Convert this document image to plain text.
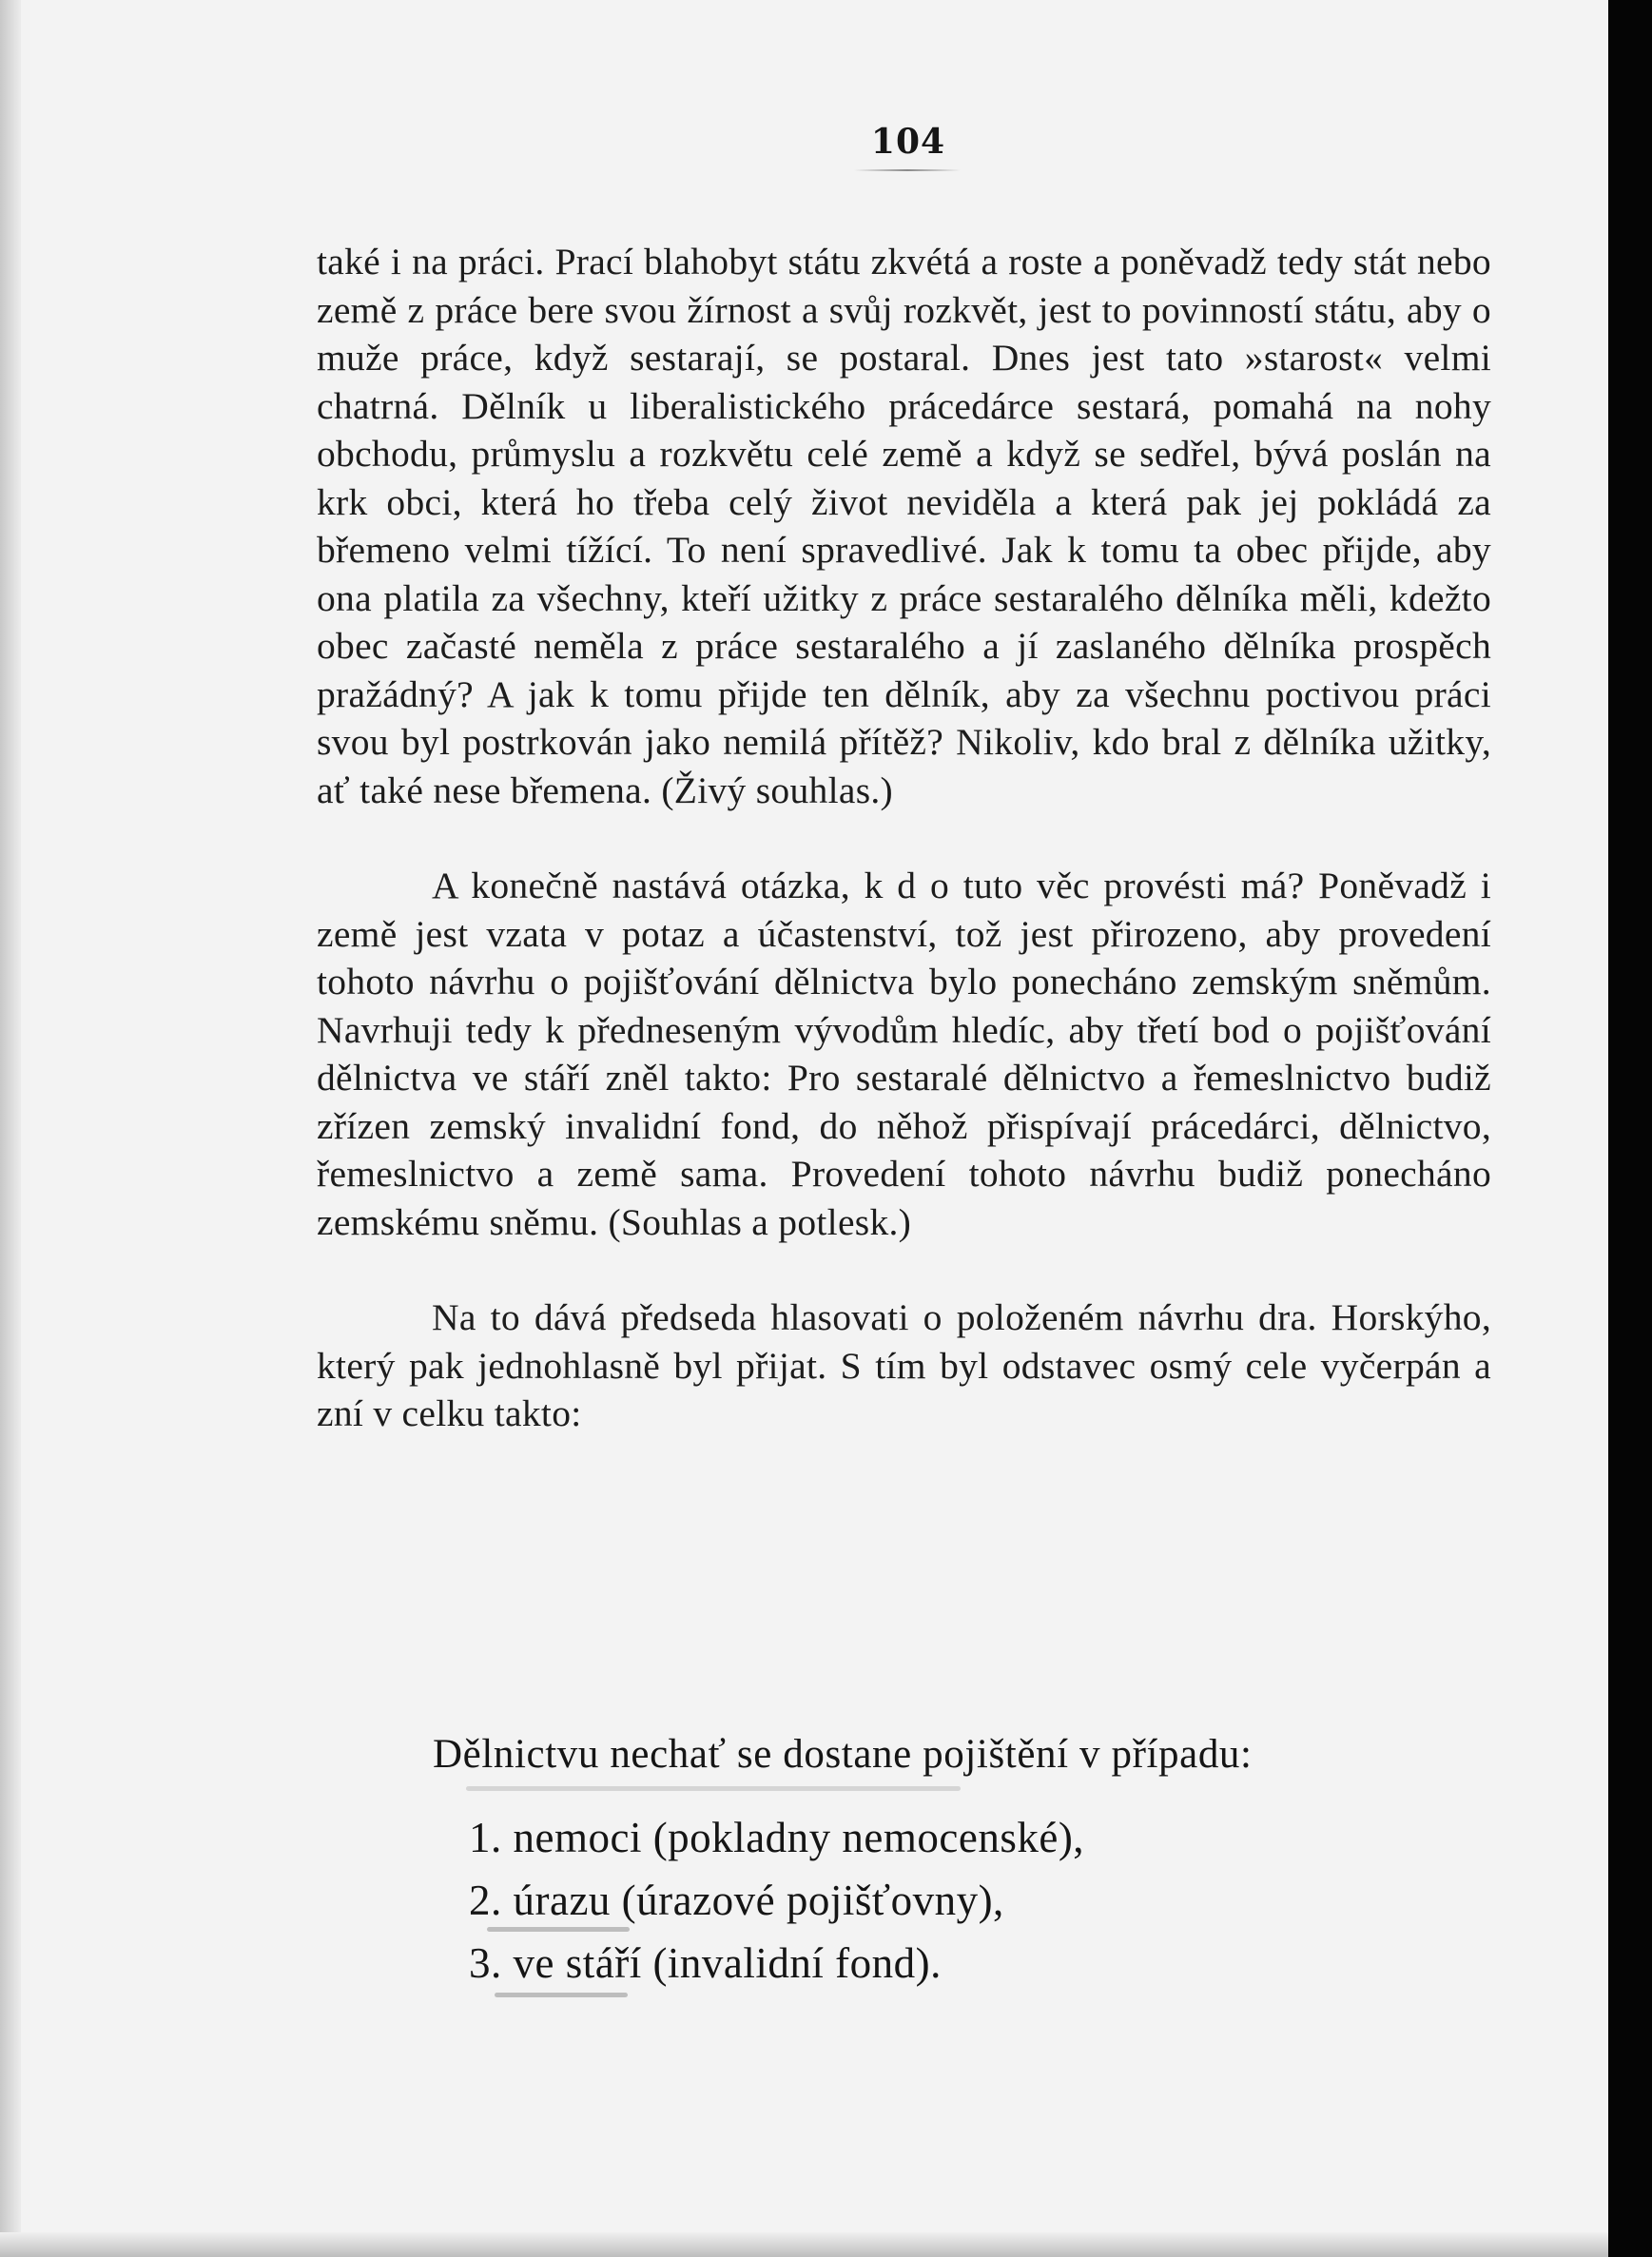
104

také i na práci. Prací blahobyt státu zkvétá a roste a poněvadž tedy stát nebo země z práce bere svou žírnost a svůj rozkvět, jest to povinností státu, aby o muže práce, když sestarají, se postaral. Dnes jest tato »starost« velmi chatrná. Dělník u liberalistického prácedárce sestará, pomahá na nohy obchodu, průmyslu a rozkvětu celé země a když se sedřel, bývá poslán na krk obci, která ho třeba celý život neviděla a která pak jej pokládá za břemeno velmi tížící. To není spravedlivé. Jak k tomu ta obec přijde, aby ona platila za všechny, kteří užitky z práce sestaralého dělníka měli, kdežto obec začasté neměla z práce sestaralého a jí zaslaného dělníka prospěch pražádný? A jak k tomu přijde ten dělník, aby za všechnu poctivou práci svou byl postrkován jako nemilá přítěž? Nikoliv, kdo bral z dělníka užitky, ať také nese břemena. (Živý souhlas.)

A konečně nastává otázka, k d o tuto věc provésti má? Poněvadž i země jest vzata v potaz a účastenství, tož jest přirozeno, aby provedení tohoto návrhu o pojišťování dělnictva bylo ponecháno zemským sněmům. Navrhuji tedy k předneseným vývodům hledíc, aby třetí bod o pojišťování dělnictva ve stáří zněl takto: Pro sestaralé dělnictvo a řemeslnictvo budiž zřízen zemský invalidní fond, do něhož přispívají prácedárci, dělnictvo, řemeslnictvo a země sama. Provedení tohoto návrhu budiž ponecháno zemskému sněmu. (Souhlas a potlesk.)

Na to dává předseda hlasovati o položeném návrhu dra. Horskýho, který pak jednohlasně byl přijat. S tím byl odstavec osmý cele vyčerpán a zní v celku takto:

Dělnictvu nechať se dostane pojištění v případu:
1. nemoci (pokladny nemocenské),
2. úrazu (úrazové pojišťovny),
3. ve stáří (invalidní fond).
